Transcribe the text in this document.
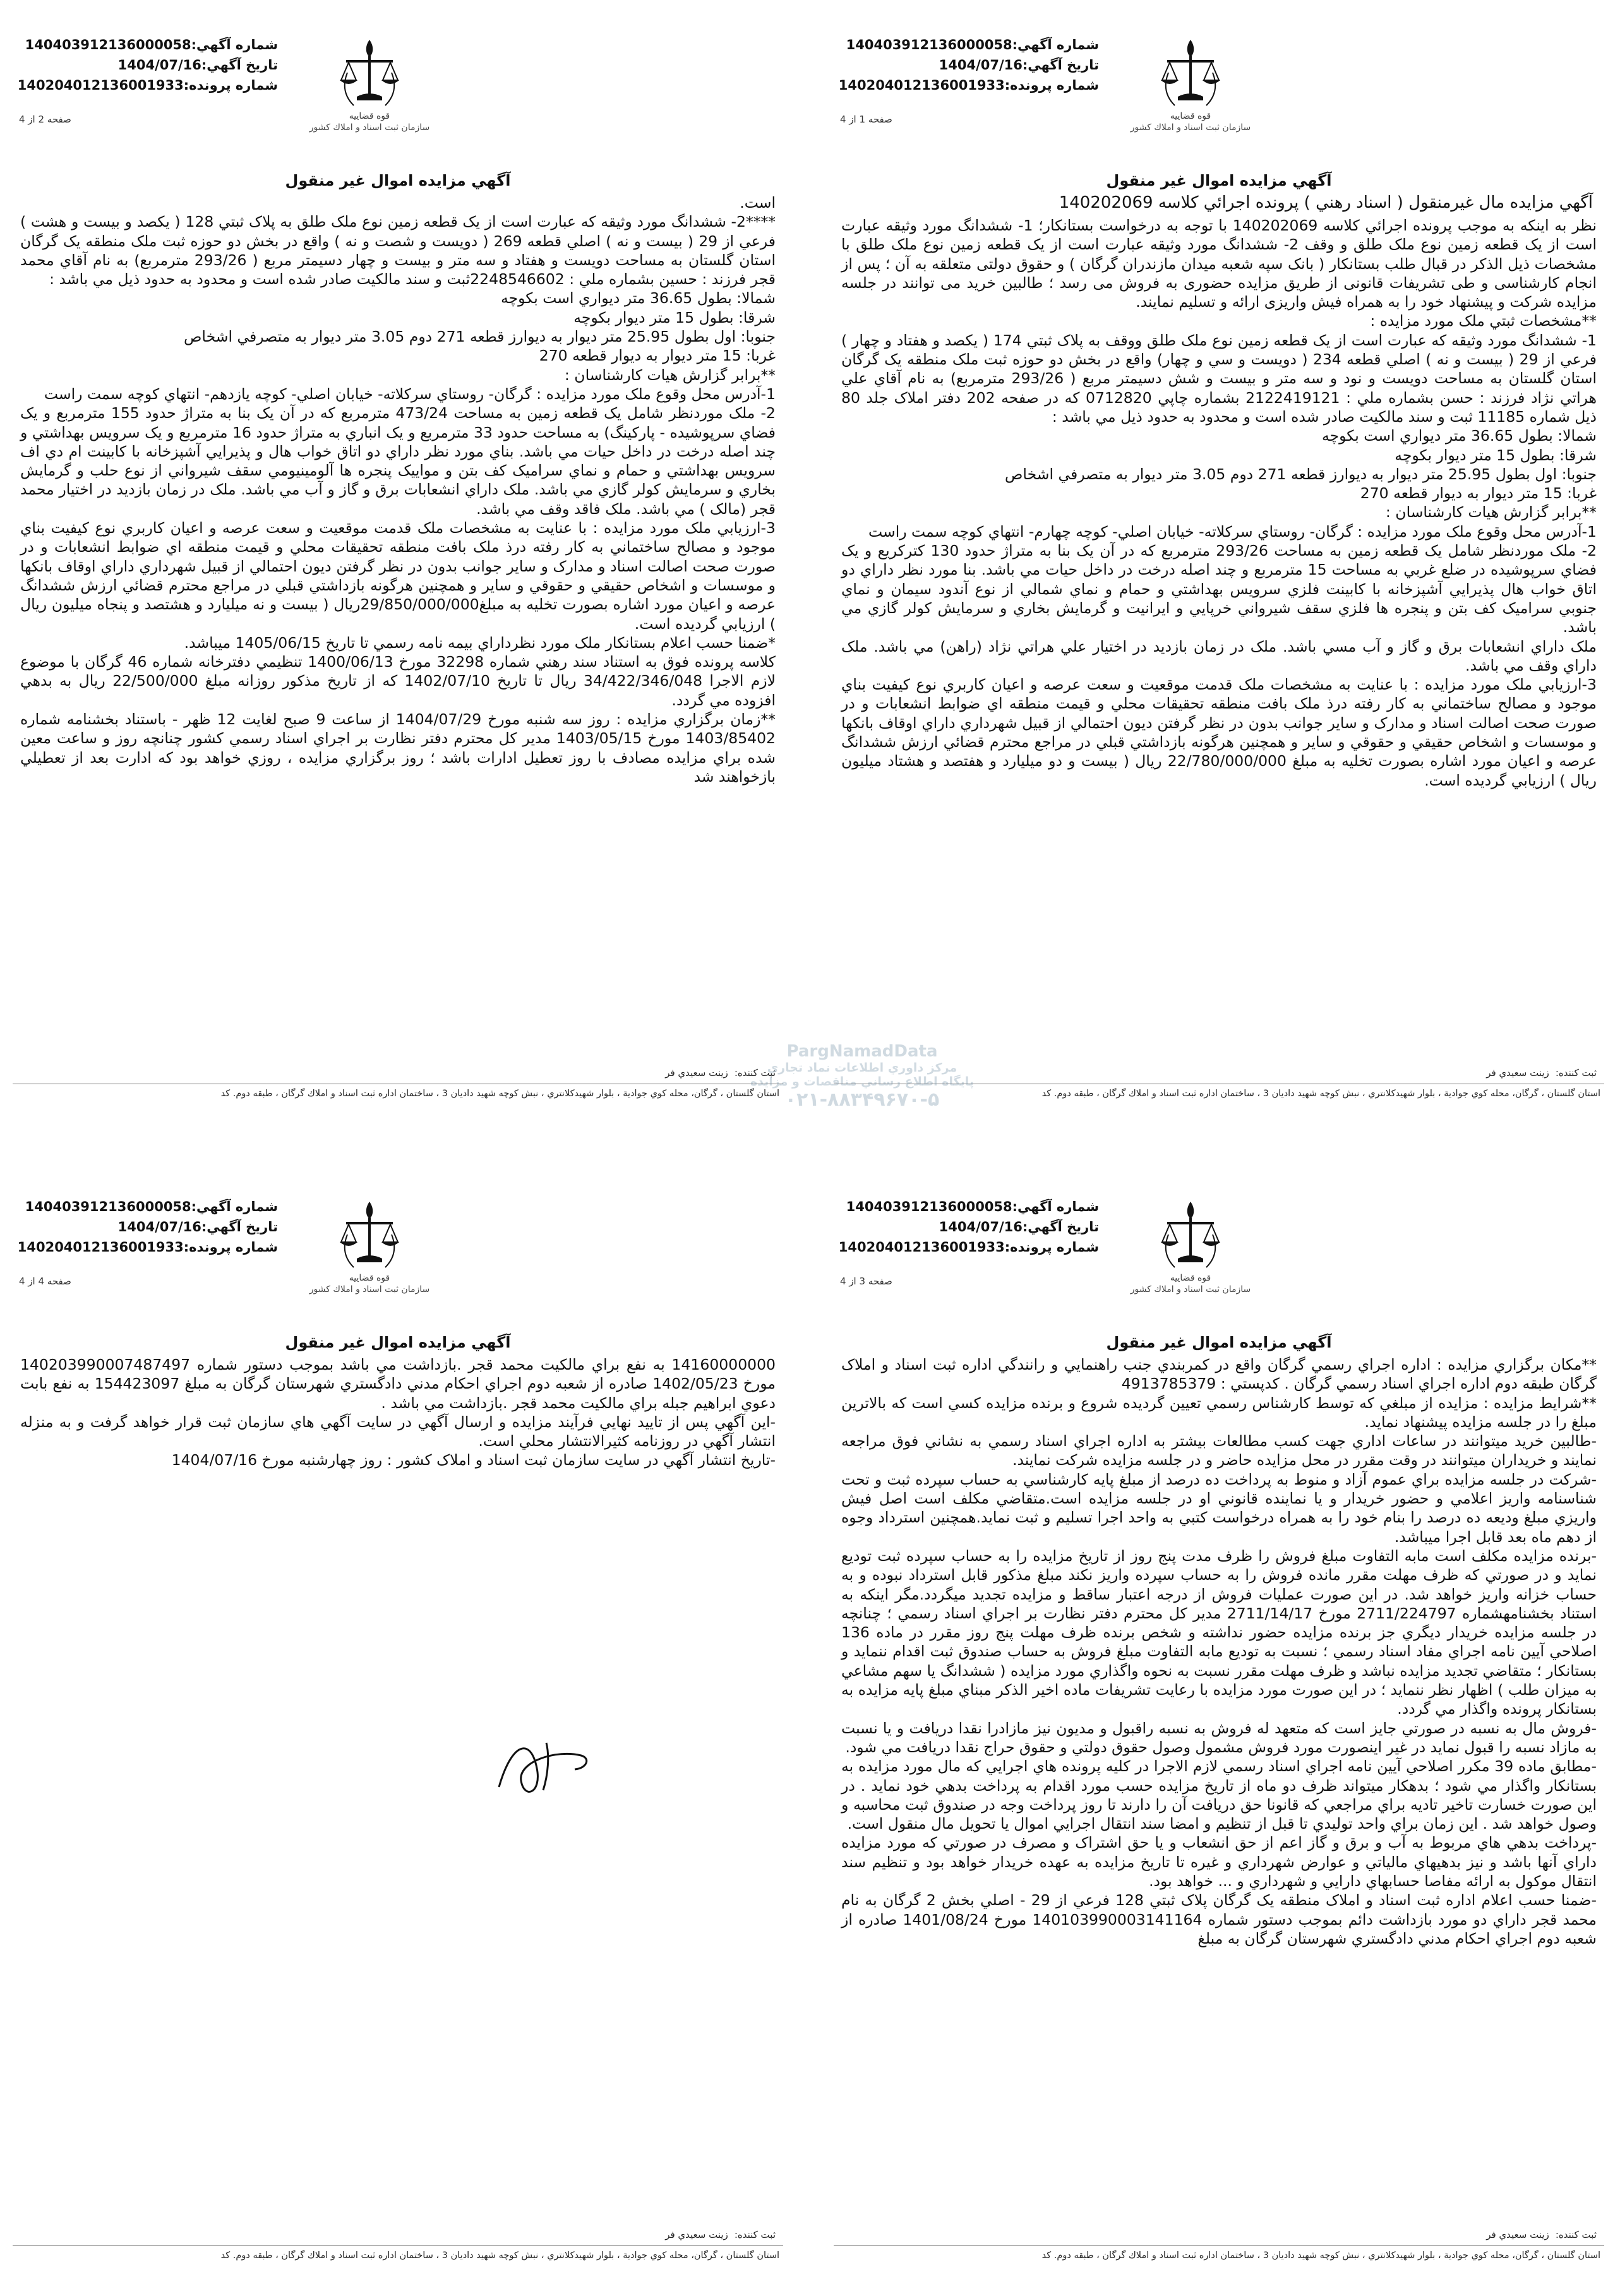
شماره آگهي:140403912136000058
تاريخ آگهي:1404/07/16
شماره پرونده:140204012136001933
صفحه 1 از 4	قوه قضاييه
سازمان ثبت اسناد و املاك كشور
آگهي مزايده اموال غير منقول
آگهي مزايده مال غيرمنقول ( اسناد رهني ) پرونده اجرائي كلاسه 140202069

نظر به اينكه به موجب پرونده اجرائي كلاسه 140202069 با توجه به درخواست بستانكار؛ 1- ششدانگ مورد وثيقه عبارت است از يک قطعه زمين نوع ملک طلق و وقف 2- ششدانگ مورد وثيقه عبارت است از يک قطعه زمين نوع ملک طلق با مشخصات ذيل الذكر در قبال طلب بستانكار ( بانک سپه شعبه ميدان مازندران گرگان ) و حقوق دولتی متعلقه به آن ؛ پس از انجام كارشناسی و طی تشريفات قانونی از طريق مزايده حضوری به فروش می رسد ؛ طالبين خريد می توانند در جلسه مزايده شركت و پيشنهاد خود را به همراه فيش واريزی ارائه و تسليم نمايند.

**مشخصات ثبتي ملک مورد مزايده :

1- ششدانگ مورد وثيقه كه عبارت است از يک قطعه زمين نوع ملک طلق ووقف به پلاک ثبتي 174 ( يكصد و هفتاد و چهار ) فرعي از 29 ( بيست و نه ) اصلي قطعه 234 ( دويست و سي و چهار) واقع در بخش دو حوزه ثبت ملک منطقه يک گرگان استان گلستان به مساحت دويست و نود و سه متر و بيست و شش دسيمتر مربع ( 293/26 مترمربع) به نام آقاي علي هراتي نژاد فرزند : حسن بشماره ملي : 2122419121 بشماره چاپي 0712820 كه در صفحه 202 دفتر املاک جلد 80 ذيل شماره 11185 ثبت و سند مالكيت صادر شده است و محدود به حدود ذيل مي باشد :

شمالا: بطول 36.65 متر ديواري است بكوچه

شرقا: بطول 15 متر ديوار بكوچه

جنوبا: اول بطول 25.95 متر ديوار به ديوارز قطعه 271 دوم 3.05 متر ديوار به متصرفي اشخاص

غربا: 15 متر ديوار به ديوار قطعه 270

**برابر گزارش هيات كارشناسان :

1-آدرس محل وقوع ملک مورد مزايده : گرگان- روستاي سركلاته- خيابان اصلي- كوچه چهارم- انتهاي كوچه سمت راست

2- ملک موردنظر شامل يک قطعه زمين به مساحت 293/26 مترمربع كه در آن يک بنا به متراژ حدود 130 كتركريع و يک فضاي سرپوشيده در ضلع غربي به مساحت 15 مترمربع و چند اصله درخت در داخل حيات مي باشد. بنا مورد نظر داراي دو اتاق خواب هال پذيرايي آشپزخانه با كابينت فلزي سرويس بهداشتي و حمام و نماي شمالي از نوع آندود سيمان و نماي جنوبي سراميک كف بتن و پنجره ها فلزي سقف شيرواني خرپايي و ايرانيت و گرمايش بخاري و سرمايش كولر گازي مي باشد.

ملک داراي انشعابات برق و گاز و آب مسي باشد. ملک در زمان بازديد در اختيار علي هراتي نژاد (راهن) مي باشد. ملک داراي وقف مي باشد.

3-ارزيابي ملک مورد مزايده : با عنايت به مشخصات ملک قدمت موقعيت و سعت عرصه و اعيان كاربري نوع كيفيت بناي موجود و مصالح ساختماني به كار رفته درذ ملک بافت منطقه تحقيقات محلي و قيمت منطقه اي ضوابط انشعابات و در صورت صحت اصالت اسناد و مدارک و ساير جوانب بدون در نظر گرفتن ديون احتمالي از قبيل شهرداري داراي اوقاف بانكها و موسسات و اشخاص حقيقي و حقوقي و ساير و همچنين هرگونه بازداشتي قبلي در مراجع محترم قضائي ارزش ششدانگ عرصه و اعيان مورد اشاره بصورت تخليه به مبلغ 22/780/000/000 ريال ( بيست و دو ميليارد و هفتصد و هشتاد ميليون ريال ) ارزيابي گرديده است.

ثبت كننده:زينت سعيدي فر
استان گلستان ، گرگان، محله كوي جوادية ، بلوار شهيدكلانتري ، نبش كوچه شهيد داديان 3 ، ساختمان اداره ثبت اسناد و املاك گرگان ، طبقه دوم. كد
شماره آگهي:140403912136000058
تاريخ آگهي:1404/07/16
شماره پرونده:140204012136001933
صفحه 2 از 4	قوه قضاييه
سازمان ثبت اسناد و املاك كشور
آگهي مزايده اموال غير منقول

است.

****2- ششدانگ مورد وثيقه كه عبارت است از يک قطعه زمين نوع ملک طلق به پلاک ثبتي 128 ( يكصد و بيست و هشت ) فرعي از 29 ( بيست و نه ) اصلي قطعه 269 ( دويست و شصت و نه ) واقع در بخش دو حوزه ثبت ملک منطقه يک گرگان استان گلستان به مساحت دويست و هفتاد و سه متر و بيست و چهار دسيمتر مربع ( 293/26 مترمربع) به نام آقاي محمد قجر فرزند : حسين بشماره ملي : 2248546602ثبت و سند مالكيت صادر شده است و محدود به حدود ذيل مي باشد :

شمالا: بطول 36.65 متر ديواري است بكوچه

شرقا: بطول 15 متر ديوار بكوچه

جنوبا: اول بطول 25.95 متر ديوار به ديوارز قطعه 271 دوم 3.05 متر ديوار به متصرفي اشخاص

غربا: 15 متر ديوار به ديوار قطعه 270

**برابر گزارش هيات كارشناسان :

1-آدرس محل وقوع ملک مورد مزايده : گرگان- روستاي سركلاته- خيابان اصلي- كوچه يازدهم- انتهاي كوچه سمت راست

2- ملک موردنظر شامل يک قطعه زمين به مساحت 473/24 مترمربع كه در آن يک بنا به متراژ حدود 155 مترمربع و يک فضاي سرپوشيده - پاركينگ) به مساحت حدود 33 مترمربع و يک انباري به متراژ حدود 16 مترمربع و يک سرويس بهداشتي و چند اصله درخت در داخل حيات مي باشد. بناي مورد نظر داراي دو اتاق خواب هال و پذيرايي آشپزخانه با كابينت ام دي اف سرويس بهداشتي و حمام و نماي سراميک كف بتن و مواييک پنجره ها آلومينيومي سقف شيرواني از نوع حلب و گرمايش بخاري و سرمايش كولر گازي مي باشد. ملک داراي انشعابات برق و گاز و آب مي باشد. ملک در زمان بازديد در اختيار محمد قجر (مالک ) مي باشد. ملک فاقد وقف مي باشد.

3-ارزيابي ملک مورد مزايده : با عنايت به مشخصات ملک قدمت موقعيت و سعت عرصه و اعيان كاربري نوع كيفيت بناي موجود و مصالح ساختماني به كار رفته درذ ملک بافت منطقه تحقيقات محلي و قيمت منطقه اي ضوابط انشعابات و در صورت صحت اصالت اسناد و مدارک و ساير جوانب بدون در نظر گرفتن ديون احتمالي از قبيل شهرداري داراي اوقاف بانكها و موسسات و اشخاص حقيقي و حقوقي و ساير و همچنين هرگونه بازداشتي قبلي در مراجع محترم قضائي ارزش ششدانگ عرصه و اعيان مورد اشاره بصورت تخليه به مبلغ29/850/000/000ريال ( بيست و نه ميليارد و هشتصد و پنجاه ميليون ريال ) ارزيابي گرديده است.

*ضمنا حسب اعلام بستانكار ملک مورد نظرداراي بيمه نامه رسمي تا تاريخ 1405/06/15 ميباشد.

كلاسه پرونده فوق به استناد سند رهني شماره 32298 مورخ 1400/06/13 تنظيمي دفترخانه شماره 46 گرگان با موضوع لازم الاجرا 34/422/346/048 ريال تا تاريخ 1402/07/10 كه از تاريخ مذكور روزانه مبلغ 22/500/000 ريال به بدهي افزوده مي گردد.

**زمان برگزاري مزايده : روز سه شنبه مورخ 1404/07/29 از ساعت 9 صبح لغايت 12 ظهر - باستناد بخشنامه شماره 1403/85402 مورخ 1403/05/15 مدير كل محترم دفتر نظارت بر اجراي اسناد رسمي كشور چنانچه روز و ساعت معين شده براي مزايده مصادف با روز تعطيل ادارات باشد ؛ روز برگزاري مزايده ، روزي خواهد بود كه ادارت بعد از تعطيلي بازخواهند شد

ثبت كننده:زينت سعيدي فر
استان گلستان ، گرگان، محله كوي جوادية ، بلوار شهيدكلانتري ، نبش كوچه شهيد داديان 3 ، ساختمان اداره ثبت اسناد و املاك گرگان ، طبقه دوم. كد
شماره آگهي:140403912136000058
تاريخ آگهي:1404/07/16
شماره پرونده:140204012136001933
صفحه 3 از 4	قوه قضاييه
سازمان ثبت اسناد و املاك كشور
آگهي مزايده اموال غير منقول

**مكان برگزاري مزايده : اداره اجراي رسمي گرگان واقع در كمربندي جنب راهنمايي و رانندگي اداره ثبت اسناد و املاک گرگان طبقه دوم اداره اجراي اسناد رسمي گرگان . كدپستي : 4913785379

**شرايط مزايده : مزايده از مبلغي كه توسط كارشناس رسمي تعيين گرديده شروع و برنده مزايده كسي است كه بالاترين مبلغ را در جلسه مزايده پيشنهاد نمايد.

-طالبين خريد ميتوانند در ساعات اداري جهت كسب مطالعات بيشتر به اداره اجراي اسناد رسمي به نشاني فوق مراجعه نمايند و خريداران ميتوانند در وقت مقرر در محل مزايده حاضر و در جلسه مزايده شركت نمايند.

-شركت در جلسه مزايده براي عموم آزاد و منوط به پرداخت ده درصد از مبلغ پايه كارشناسي به حساب سپرده ثبت و تحت شناسنامه واريز اعلامي و حضور خريدار و يا نماينده قانوني او در جلسه مزايده است.متقاضي مكلف است اصل فيش واريزي مبلغ وديعه ده درصد را بنام خود را به همراه درخواست كتبي به واحد اجرا تسليم و ثبت نمايد.همچنين استرداد وجوه از دهم ماه بعد قابل اجرا ميباشد.

-برنده مزايده مكلف است مابه التفاوت مبلغ فروش را ظرف مدت پنج روز از تاريخ مزايده را به حساب سپرده ثبت توديع نمايد و در صورتي كه ظرف مهلت مقرر مانده فروش را به حساب سپرده واريز نكند مبلغ مذكور قابل استرداد نبوده و به حساب خزانه واريز خواهد شد. در اين صورت عمليات فروش از درجه اعتبار ساقط و مزايده تجديد ميگردد.مگر اينكه به استناد بخشنامهشماره 2711/224797 مورخ 2711/14/17 مدير كل محترم دفتر نظارت بر اجراي اسناد رسمي ؛ چنانچه در جلسه مزايده خريدار ديگري جز برنده مزايده حضور نداشته و شخص برنده ظرف مهلت پنج روز مقرر در ماده 136 اصلاحي آيين نامه اجراي مفاد اسناد رسمي ؛ نسبت به توديع مابه التفاوت مبلغ فروش به حساب صندوق ثبت اقدام ننمايد و بستانكار ؛ متقاضي تجديد مزايده نباشد و ظرف مهلت مقرر نسبت به نحوه واگذاري مورد مزايده ( ششدانگ يا سهم مشاعي به ميزان طلب ) اظهار نظر ننمايد ؛ در اين صورت مورد مزايده با رعايت تشريفات ماده اخير الذكر مبناي مبلغ پايه مزايده به بستانكار پرونده واگذار مي گردد.

-فروش مال به نسبه در صورتي جايز است كه متعهد له فروش به نسبه راقبول و مديون نيز مازادرا نقدا دريافت و يا نسبت به مازاد نسبه را قبول نمايد در غير اينصورت مورد فروش مشمول وصول حقوق دولتي و حقوق حراج نقدا دريافت مي شود.

-مطابق ماده 39 مكرر اصلاحي آيين نامه اجراي اسناد رسمي لازم الاجرا در كليه پرونده هاي اجرايي كه مال مورد مزايده به بستانكار واگذار مي شود ؛ بدهكار ميتواند ظرف دو ماه از تاريخ مزايده حسب مورد اقدام به پرداخت بدهي خود نمايد . در اين صورت خسارت تاخير تاديه براي مراجعي كه قانونا حق دريافت آن را دارند تا روز پرداخت وجه در صندوق ثبت محاسبه و وصول خواهد شد . اين زمان براي واحد توليدي تا قبل از تنظيم و امضا سند انتقال اجرايي اموال يا تحويل مال منقول است.

-پرداخت بدهي هاي مربوط به آب و برق و گاز اعم از حق انشعاب و يا حق اشتراک و مصرف در صورتي كه مورد مزايده داراي آنها باشد و نيز بدهيهاي مالياتي و عوارض شهرداري و غيره تا تاريخ مزايده به عهده خريدار خواهد بود و تنظيم سند انتقال موكول به ارائه مفاصا حسابهاي دارايي و شهرداري و ... خواهد بود.

-ضمنا حسب اعلام اداره ثبت اسناد و املاک منطقه يک گرگان پلاک ثبتي 128 فرعي از 29 - اصلي بخش 2 گرگان به نام محمد قجر داراي دو مورد بازداشت دائم بموجب دستور شماره 140103990003141164 مورخ 1401/08/24 صادره از شعبه دوم اجراي احكام مدني دادگستري شهرستان گرگان به مبلغ

ثبت كننده:زينت سعيدي فر
استان گلستان ، گرگان، محله كوي جوادية ، بلوار شهيدكلانتري ، نبش كوچه شهيد داديان 3 ، ساختمان اداره ثبت اسناد و املاك گرگان ، طبقه دوم. كد
شماره آگهي:140403912136000058
تاريخ آگهي:1404/07/16
شماره پرونده:140204012136001933
صفحه 4 از 4	قوه قضاييه
سازمان ثبت اسناد و املاك كشور
آگهي مزايده اموال غير منقول

14160000000 به نفع براي مالكيت محمد قجر .بازداشت مي باشد بموجب دستور شماره 140203990007487497 مورخ 1402/05/23 صادره از شعبه دوم اجراي احكام مدني دادگستري شهرستان گرگان به مبلغ 154423097 به نفع بابت دعوي ابراهيم جبله براي مالكيت محمد قجر .بازداشت مي باشد .

-اين آگهي پس از تاييد نهايي فرآيند مزايده و ارسال آگهي در سايت آگهي هاي سازمان ثبت قرار خواهد گرفت و به منزله انتشار آگهي در روزنامه كثيرالانتشار محلي است.

-تاريخ انتشار آگهي در سايت سازمان ثبت اسناد و املاک كشور : روز چهارشنبه مورخ 1404/07/16

ثبت كننده:زينت سعيدي فر
استان گلستان ، گرگان، محله كوي جوادية ، بلوار شهيدكلانتري ، نبش كوچه شهيد داديان 3 ، ساختمان اداره ثبت اسناد و املاك گرگان ، طبقه دوم. كد
PargNamadData
مركز داوري اطلاعات نماد تجاري
پايگاه اطلاع رساني مناقصات و مزايده
۰۲۱-۸۸۳۴۹۶۷۰-۵
